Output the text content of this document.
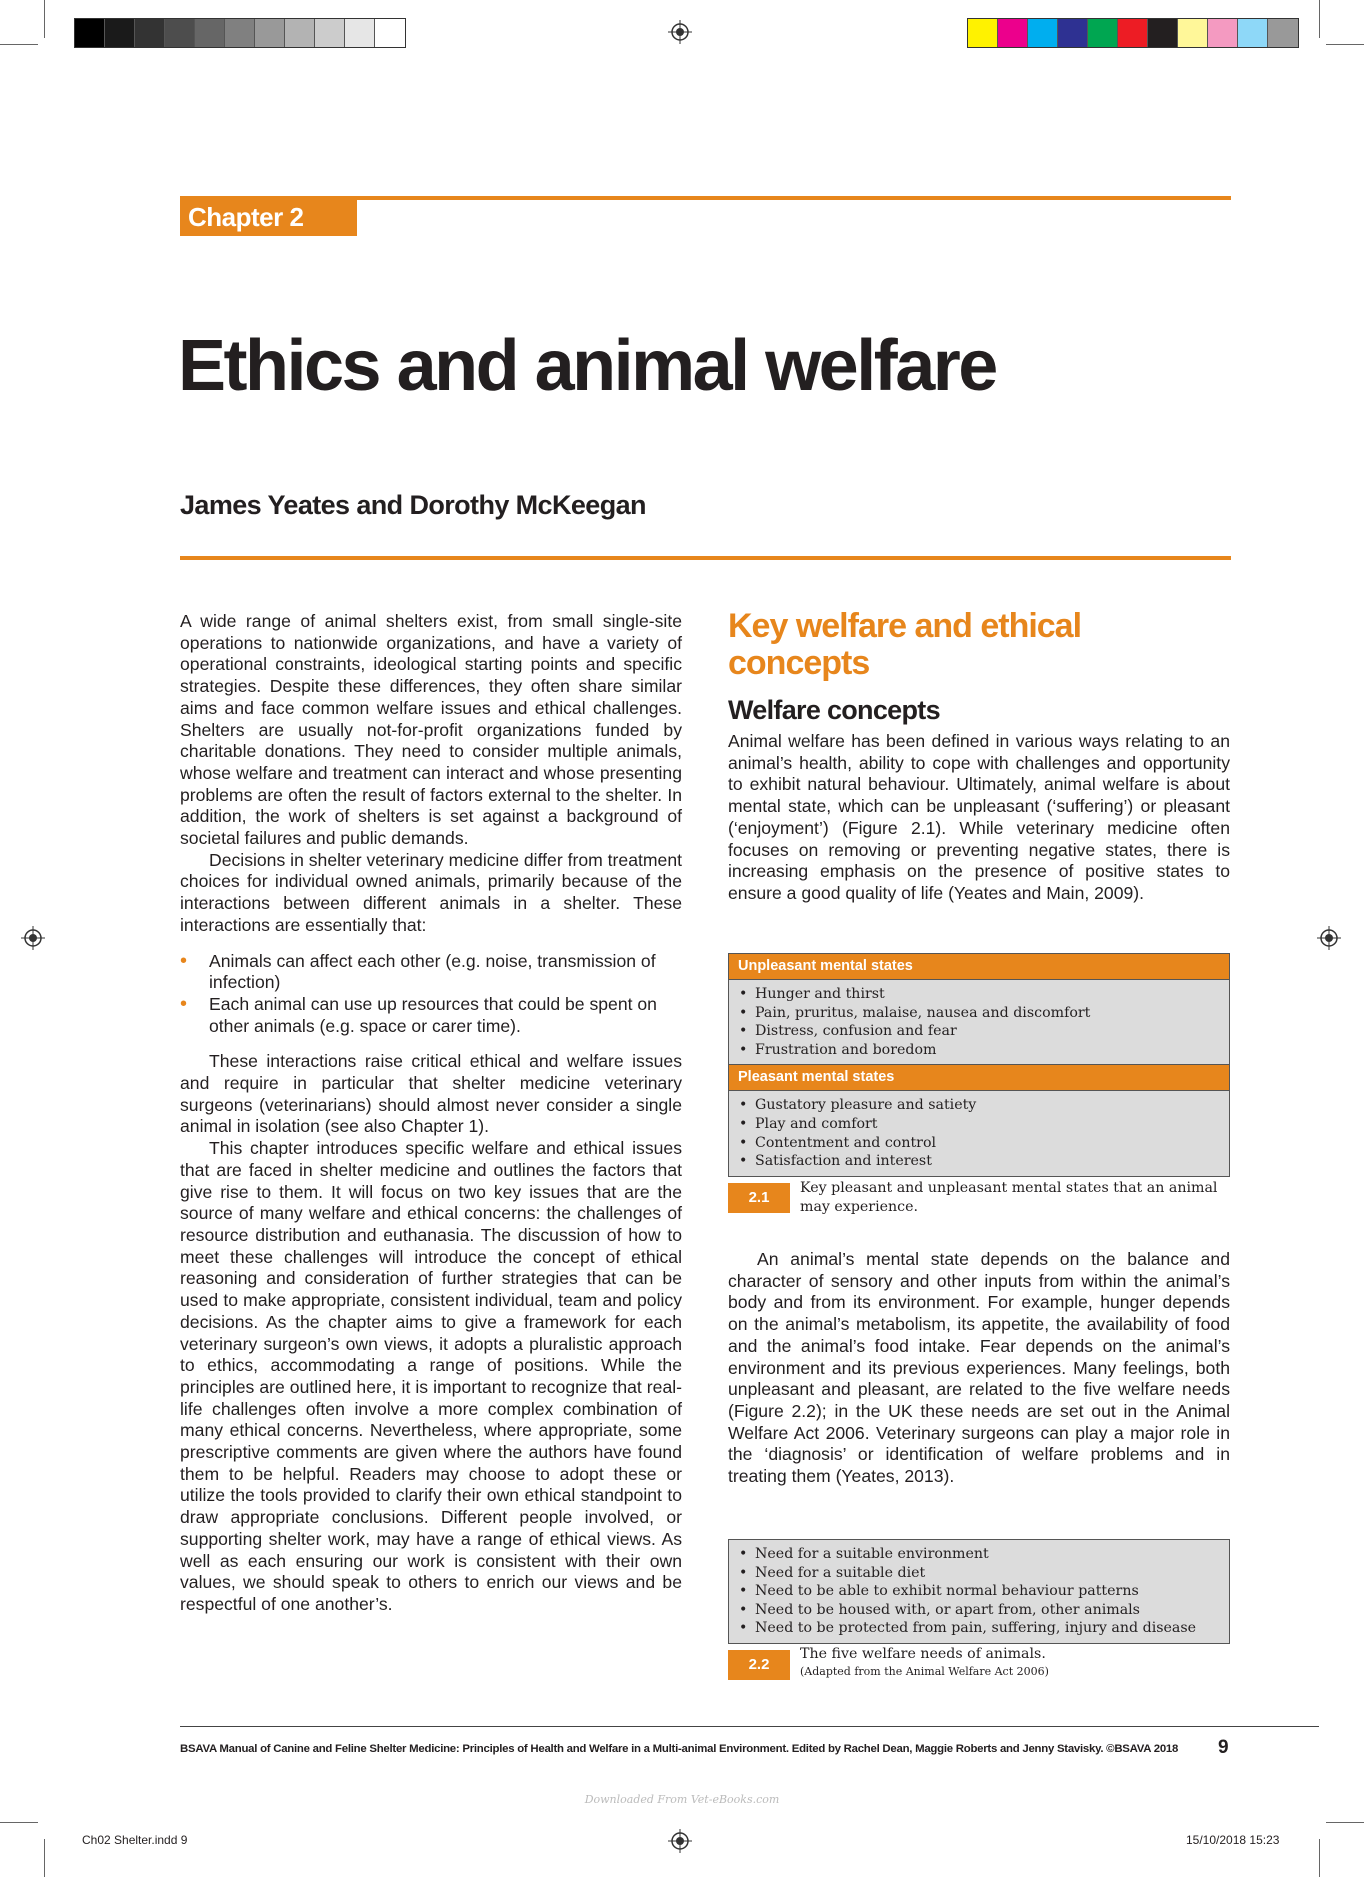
Chapter 2
Ethics and animal welfare
James Yeates and Dorothy McKeegan

A wide range of animal shelters exist, from small single-site operations to nationwide organizations, and have a variety of operational constraints, ideological starting points and specific strategies. Despite these differences, they often share similar aims and face common welfare issues and ethical challenges. Shelters are usually not-for-profit organizations funded by charitable donations. They need to consider multiple animals, whose welfare and treatment can interact and whose presenting problems are often the result of factors external to the shelter. In addition, the work of shelters is set against a background of societal failures and public demands.

Decisions in shelter veterinary medicine differ from treatment choices for individual owned animals, primarily because of the interactions between different animals in a shelter. These interactions are essentially that:

• Animals can affect each other (e.g. noise, transmission of infection)
• Each animal can use up resources that could be spent on other animals (e.g. space or carer time).

These interactions raise critical ethical and welfare issues and require in particular that shelter medicine veterinary surgeons (veterinarians) should almost never consider a single animal in isolation (see also Chapter 1).

This chapter introduces specific welfare and ethical issues that are faced in shelter medicine and outlines the factors that give rise to them. It will focus on two key issues that are the source of many welfare and ethical concerns: the challenges of resource distribution and euthanasia. The discussion of how to meet these challenges will introduce the concept of ethical reasoning and consideration of further strategies that can be used to make appropriate, consistent individual, team and policy decisions. As the chapter aims to give a framework for each veterinary surgeon’s own views, it adopts a pluralistic approach to ethics, accommodating a range of positions. While the principles are outlined here, it is important to recognize that real-life challenges often involve a more complex combination of many ethical concerns. Nevertheless, where appropriate, some prescriptive comments are given where the authors have found them to be helpful. Readers may choose to adopt these or utilize the tools provided to clarify their own ethical standpoint to draw appropriate conclusions. Different people involved, or supporting shelter work, may have a range of ethical views. As well as each ensuring our work is consistent with their own values, we should speak to others to enrich our views and be respectful of one another’s.

Key welfare and ethical concepts
Welfare concepts

Animal welfare has been defined in various ways relating to an animal’s health, ability to cope with challenges and opportunity to exhibit natural behaviour. Ultimately, animal welfare is about mental state, which can be unpleasant (‘suffering’) or pleasant (‘enjoyment’) (Figure 2.1). While veterinary medicine often focuses on removing or preventing negative states, there is increasing emphasis on the presence of positive states to ensure a good quality of life (Yeates and Main, 2009).

Unpleasant mental states
• Hunger and thirst
• Pain, pruritus, malaise, nausea and discomfort
• Distress, confusion and fear
• Frustration and boredom
Pleasant mental states
• Gustatory pleasure and satiety
• Play and comfort
• Contentment and control
• Satisfaction and interest
2.1
Key pleasant and unpleasant mental states that an animal may experience.

An animal’s mental state depends on the balance and character of sensory and other inputs from within the animal’s body and from its environment. For example, hunger depends on the animal’s metabolism, its appetite, the availability of food and the animal’s food intake. Fear depends on the animal’s environment and its previous experiences. Many feelings, both unpleasant and pleasant, are related to the five welfare needs (Figure 2.2); in the UK these needs are set out in the Animal Welfare Act 2006. Veterinary surgeons can play a major role in the ‘diagnosis’ or identification of welfare problems and in treating them (Yeates, 2013).

• Need for a suitable environment
• Need for a suitable diet
• Need to be able to exhibit normal behaviour patterns
• Need to be housed with, or apart from, other animals
• Need to be protected from pain, suffering, injury and disease
2.2
The five welfare needs of animals.
(Adapted from the Animal Welfare Act 2006)
BSAVA Manual of Canine and Feline Shelter Medicine: Principles of Health and Welfare in a Multi-animal Environment. Edited by Rachel Dean, Maggie Roberts and Jenny Stavisky. ©BSAVA 2018 9
Downloaded From Vet-eBooks.com
Ch02 Shelter.indd 9	15/10/2018 15:23
